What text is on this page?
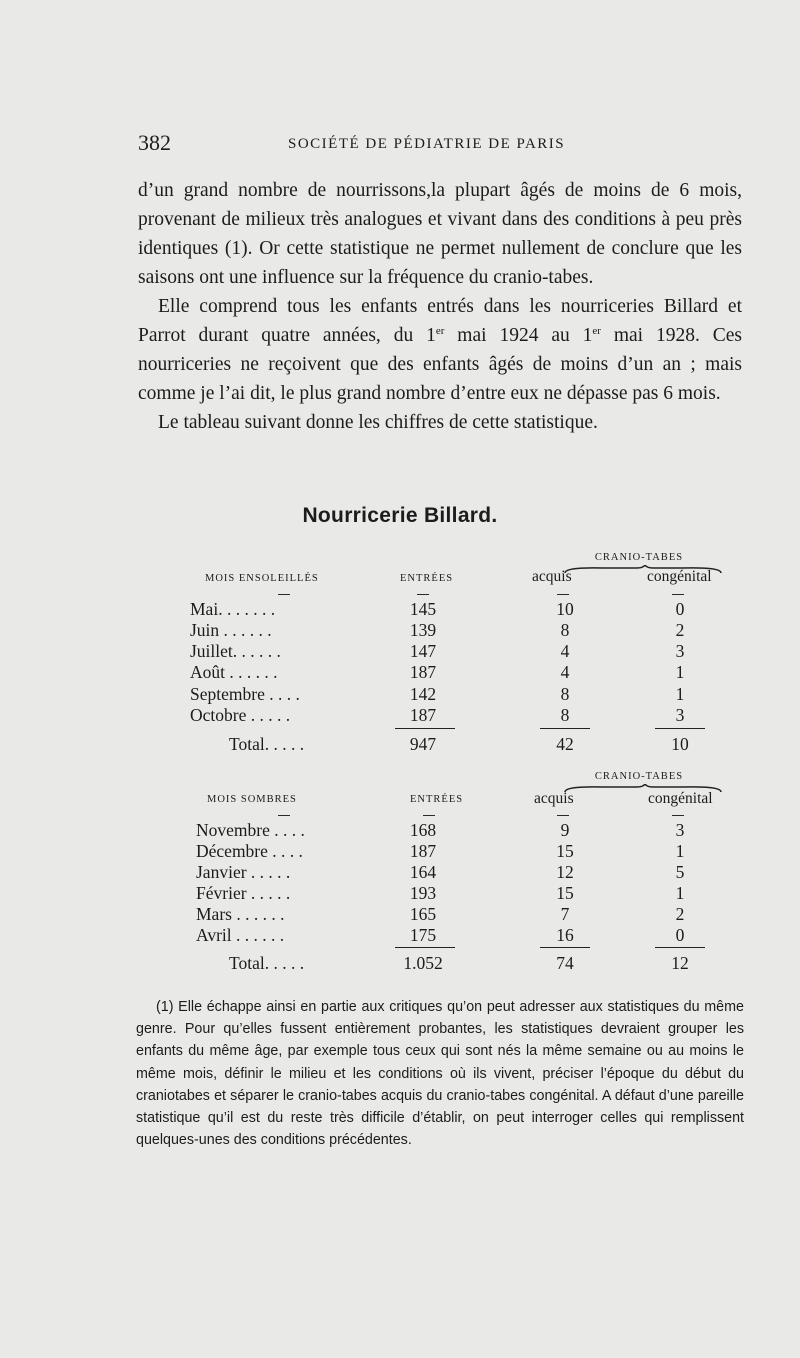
382	SOCIÉTÉ DE PÉDIATRIE DE PARIS

d’un grand nombre de nourrissons,la plupart âgés de moins de 6 mois, provenant de milieux très analogues et vivant dans des conditions à peu près identiques (1). Or cette statistique ne permet nullement de conclure que les saisons ont une influence sur la fréquence du cranio-tabes.

Elle comprend tous les enfants entrés dans les nourriceries Billard et Parrot durant quatre années, du 1er mai 1924 au 1er mai 1928. Ces nourriceries ne reçoivent que des enfants âgés de moins d’un an ; mais comme je l’ai dit, le plus grand nombre d’entre eux ne dépasse pas 6 mois.

Le tableau suivant donne les chiffres de cette statistique.

Nourricerie Billard.
CRANIO-TABES
MOIS ENSOLEILLÉS	ENTRÉES	acquis	congénital
Mai. . . . . . .	145	10	0
Juin . . . . . .	139	8	2
Juillet. . . . . .	147	4	3
Août . . . . . .	187	4	1
Septembre . . . .	142	8	1
Octobre . . . . .	187	8	3
Total. . . . .	947	42	10
CRANIO-TABES
MOIS SOMBRES	ENTRÉES	acquis	congénital
Novembre . . . .	168	9	3
Décembre . . . .	187	15	1
Janvier . . . . .	164	12	5
Février . . . . .	193	15	1
Mars . . . . . .	165	7	2
Avril . . . . . .	175	16	0
Total. . . . .	1.052	74	12

(1) Elle échappe ainsi en partie aux critiques qu’on peut adresser aux statistiques du même genre. Pour qu’elles fussent entièrement probantes, les statistiques devraient grouper les enfants du même âge, par exemple tous ceux qui sont nés la même semaine ou au moins le même mois, définir le milieu et les conditions où ils vivent, préciser l’époque du début du craniotabes et séparer le cranio-tabes acquis du cranio-tabes congénital. A défaut d’une pareille statistique qu’il est du reste très difficile d’établir, on peut interroger celles qui remplissent quelques-unes des conditions précédentes.
